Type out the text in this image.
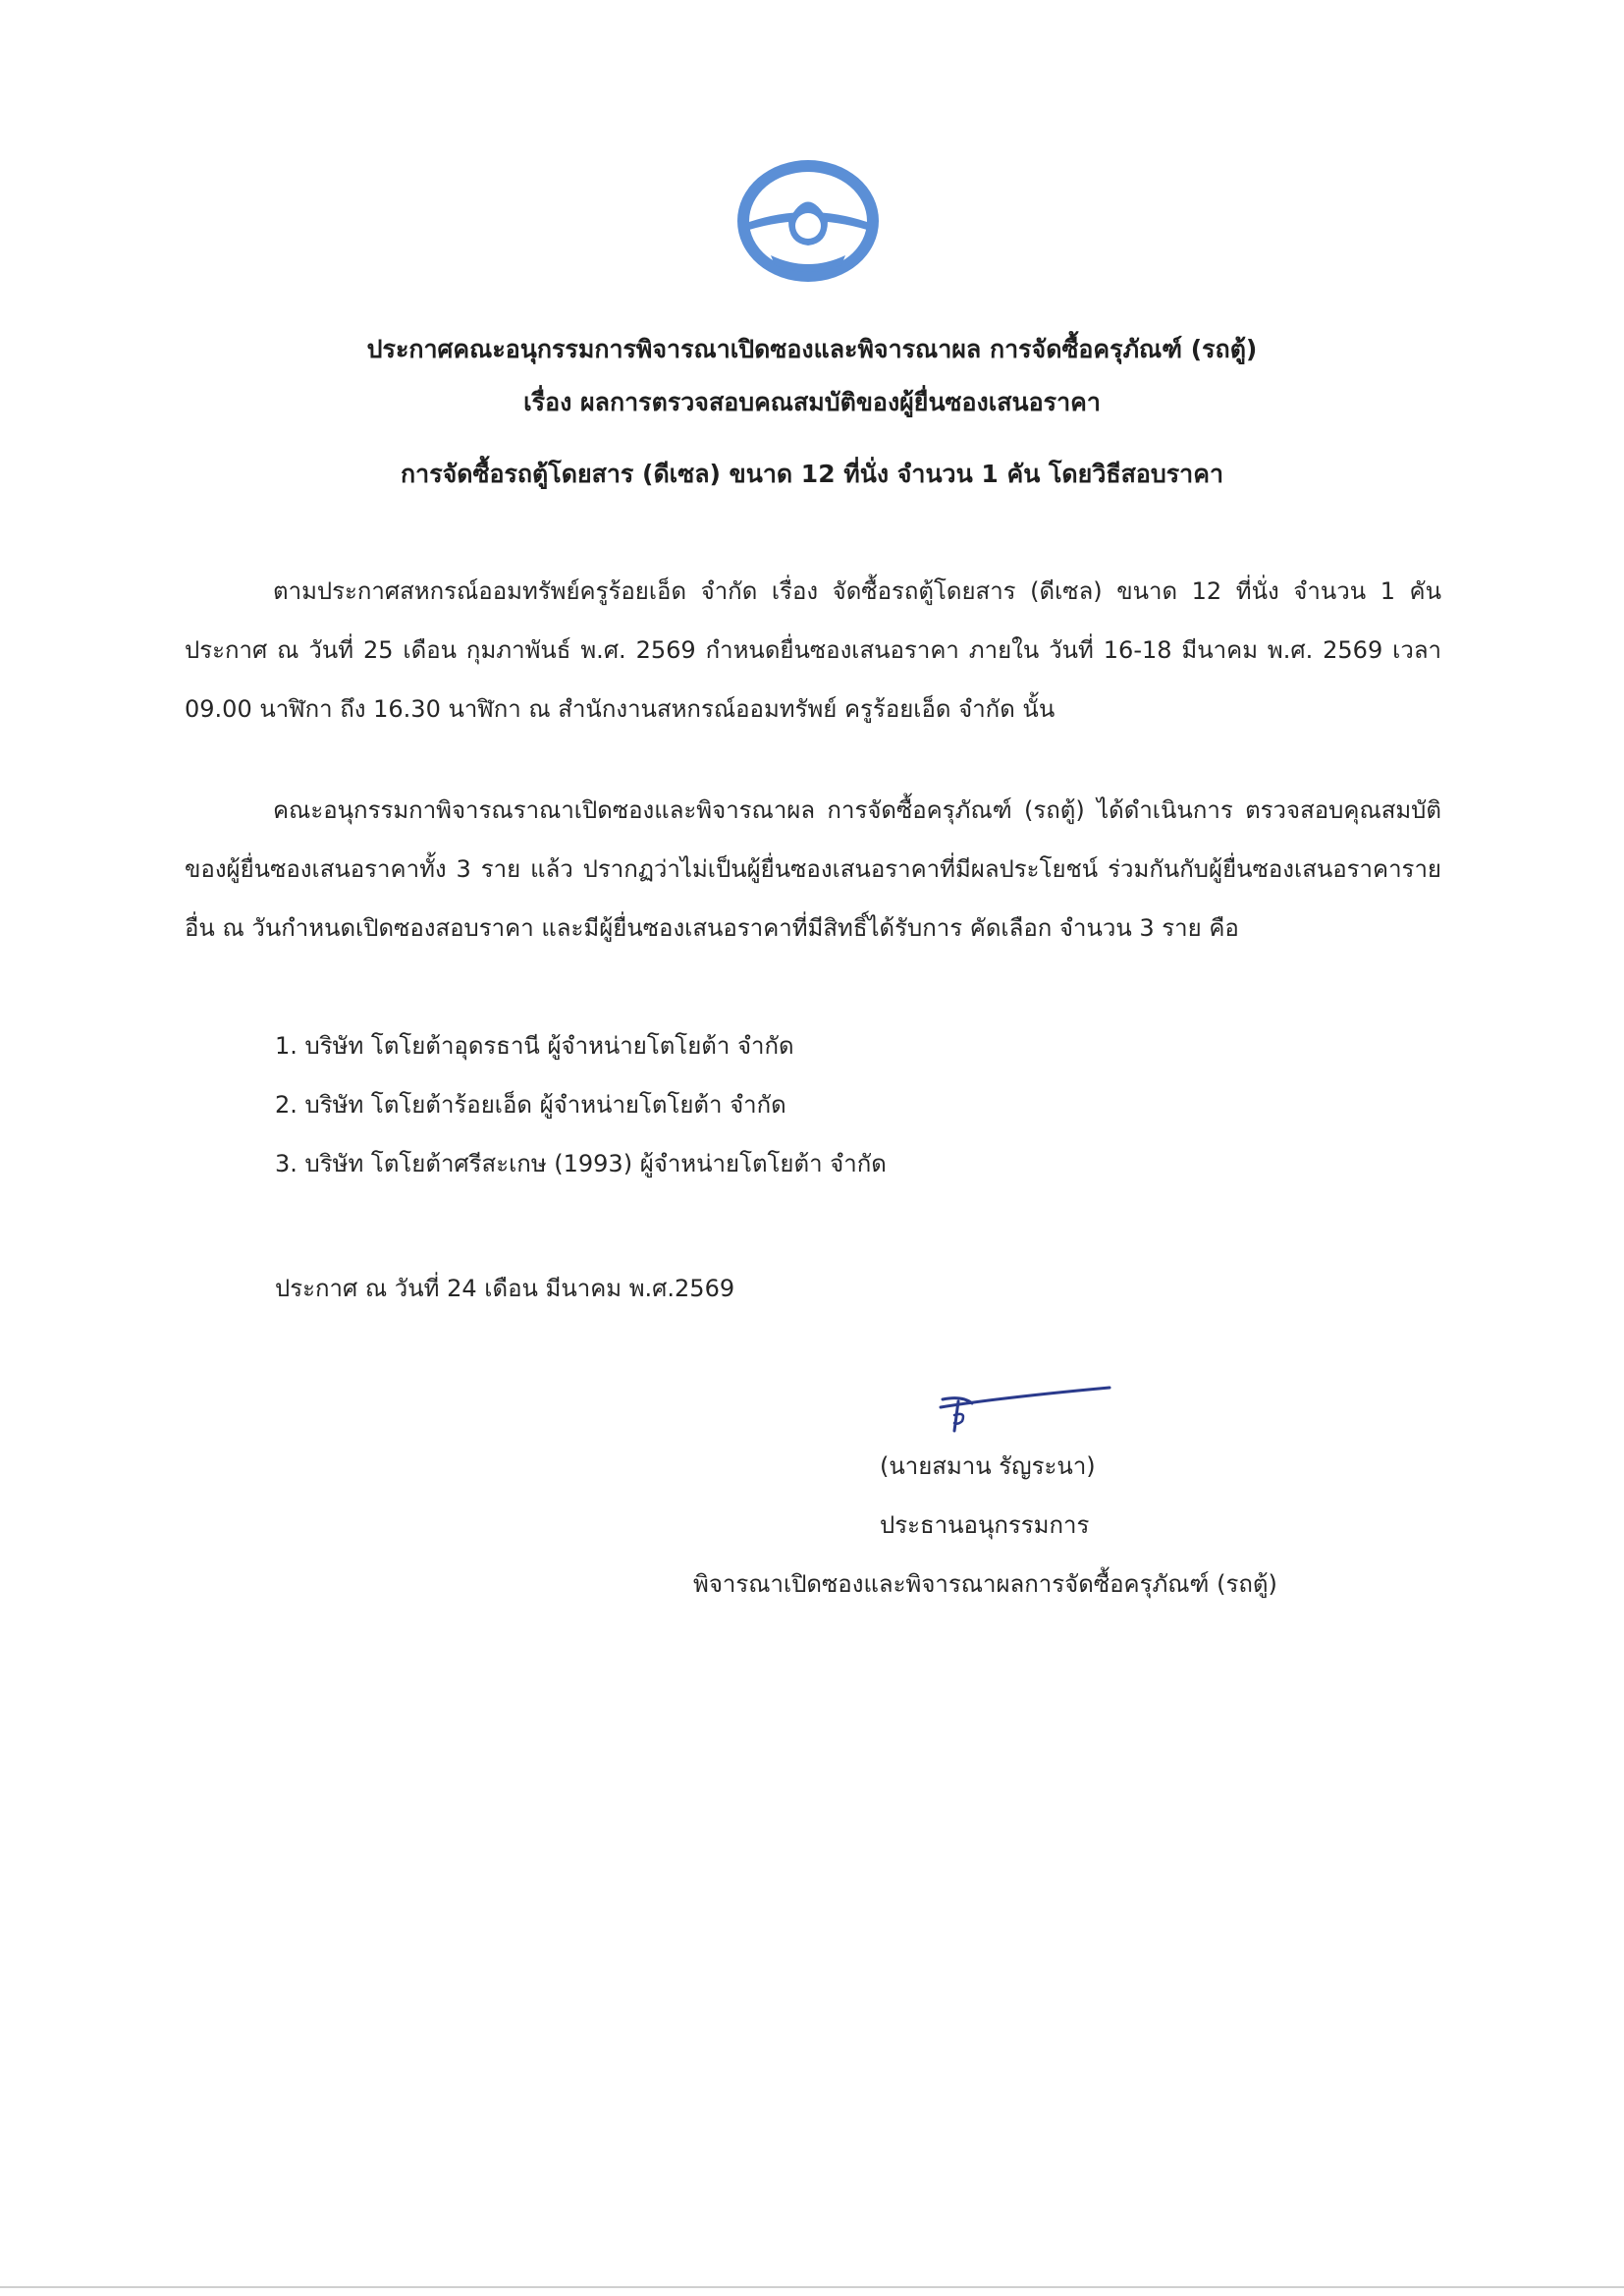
ประกาศคณะอนุกรรมการพิจารณาเปิดซองและพิจารณาผล การจัดซื้อครุภัณฑ์ (รถตู้)
เรื่อง ผลการตรวจสอบคณสมบัติของผู้ยื่นซองเสนอราคา
การจัดซื้อรถตู้โดยสาร (ดีเซล) ขนาด 12 ที่นั่ง จำนวน 1 คัน โดยวิธีสอบราคา
ตามประกาศสหกรณ์ออมทรัพย์ครูร้อยเอ็ด จำกัด เรื่อง จัดซื้อรถตู้โดยสาร (ดีเซล) ขนาด 12 ที่นั่ง จำนวน 1 คัน ประกาศ ณ วันที่ 25 เดือน กุมภาพันธ์ พ.ศ. 2569 กำหนดยื่นซองเสนอราคา ภายใน วันที่ 16-18 มีนาคม พ.ศ. 2569 เวลา 09.00 นาฬิกา ถึง 16.30 นาฬิกา ณ สำนักงานสหกรณ์ออมทรัพย์ ครูร้อยเอ็ด จำกัด นั้น
คณะอนุกรรมกาพิจารณราณาเปิดซองและพิจารณาผล การจัดซื้อครุภัณฑ์ (รถตู้) ได้ดำเนินการ ตรวจสอบคุณสมบัติของผู้ยื่นซองเสนอราคาทั้ง 3 ราย แล้ว ปรากฏว่าไม่เป็นผู้ยื่นซองเสนอราคาที่มีผลประโยชน์ ร่วมกันกับผู้ยื่นซองเสนอราคารายอื่น ณ วันกำหนดเปิดซองสอบราคา และมีผู้ยื่นซองเสนอราคาที่มีสิทธิ์ได้รับการ คัดเลือก จำนวน 3 ราย คือ
1. บริษัท โตโยต้าอุดรธานี ผู้จำหน่ายโตโยต้า จำกัด
2. บริษัท โตโยต้าร้อยเอ็ด ผู้จำหน่ายโตโยต้า จำกัด
3. บริษัท โตโยต้าศรีสะเกษ (1993) ผู้จำหน่ายโตโยต้า จำกัด
ประกาศ ณ วันที่ 24 เดือน มีนาคม พ.ศ.2569
(นายสมาน รัญระนา)
ประธานอนุกรรมการ
พิจารณาเปิดซองและพิจารณาผลการจัดซื้อครุภัณฑ์ (รถตู้)
